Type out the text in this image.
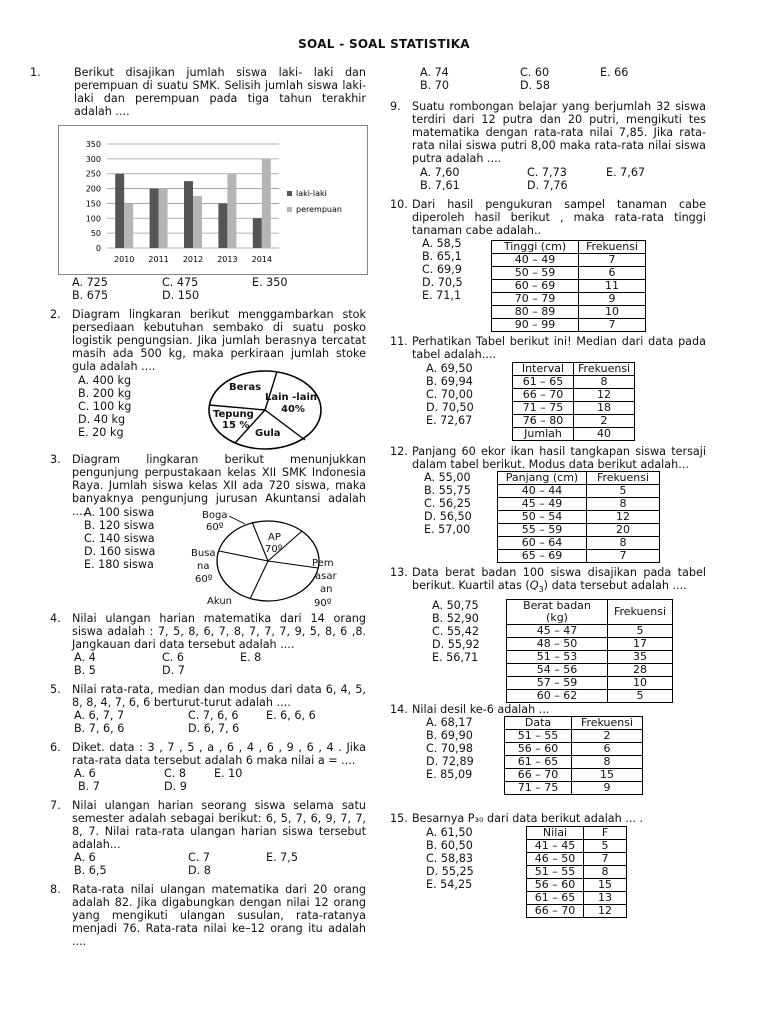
SOAL - SOAL STATISTIKA
1.	Berikut disajikan jumlah siswa laki- laki dan perempuan di suatu SMK. Selisih jumlah siswa laki-laki dan perempuan pada tiga tahun terakhir adalah ....
0
50
100
150
200
250
300
350
2010 2011 2012 2013 2014
laki-laki
perempuan
A. 725	C. 475	E. 350
B. 675	D. 150
2. Diagram lingkaran berikut menggambarkan stok persediaan kebutuhan sembako di suatu posko logistik pengungsian. Jika jumlah berasnya tercatat masih ada 500 kg, maka perkiraan jumlah stoke gula adalah ....
A. 400 kg
B. 200 kg
C. 100 kg
D. 40 kg
E. 20 kg
Beras
Lain -lain
40%
Tepung
15 %
Gula
3. Diagram lingkaran berikut menunjukkan pengunjung perpustakaan kelas XII SMK Indonesia Raya. Jumlah siswa kelas XII ada 720 siswa, maka banyaknya pengunjung jurusan Akuntansi adalah ....
A. 100 siswa
B. 120 siswa
C. 140 siswa
D. 160 siswa
E. 180 siswa
Boga
60º
AP
70º
Pem
asar
an
90º
Busa
na
60º
Akun
4. Nilai ulangan harian matematika dari 14 orang siswa adalah : 7, 5, 8, 6, 7, 8, 7, 7, 7, 9, 5, 8, 6 ,8. Jangkauan dari data tersebut adalah ....
A. 4	C. 6	E. 8
B. 5	D. 7
5. Nilai rata-rata, median dan modus dari data 6, 4, 5, 8, 8, 4, 7, 6, 6 berturut-turut adalah ....
A. 6, 7, 7	C. 7, 6, 6 E. 6, 6, 6
B. 7, 6, 6	D. 6, 7, 6
6. Diket. data : 3 , 7 , 5 , a , 6 , 4 , 6 , 9 , 6 , 4 . Jika rata-rata data tersebut adalah 6 maka nilai a = ....
A. 6	C. 8 E. 10
B. 7	D. 9
7. Nilai ulangan harian seorang siswa selama satu semester adalah sebagai berikut: 6, 5, 7, 6, 9, 7, 7, 8, 7. Nilai rata-rata ulangan harian siswa tersebut adalah...
A. 6	C. 7	E. 7,5
B. 6,5	D. 8
8. Rata-rata nilai ulangan matematika dari 20 orang adalah 82. Jika digabungkan dengan nilai 12 orang yang mengikuti ulangan susulan, rata-ratanya menjadi 76. Rata-rata nilai ke–12 orang itu adalah ....
A. 74	C. 60	E. 66
B. 70	D. 58
9. Suatu rombongan belajar yang berjumlah 32 siswa terdiri dari 12 putra dan 20 putri, mengikuti tes matematika dengan rata-rata nilai 7,85. Jika rata-rata nilai siswa putri 8,00 maka rata-rata nilai siswa putra adalah ....
A. 7,60	C. 7,73	E. 7,67
B. 7,61	D. 7,76
10. Dari hasil pengukuran sampel tanaman cabe diperoleh hasil berikut , maka rata-rata tinggi tanaman cabe adalah..
A. 58,5
B. 65,1
C. 69,9
D. 70,5
E. 71,1
Tinggi (cm)	Frekuensi
40 – 49	7
50 – 59	6
60 – 69	11
70 – 79	9
80 – 89	10
90 – 99	7
11. Perhatikan Tabel berikut ini! Median dari data pada tabel adalah....
A. 69,50
B. 69,94
C. 70,00
D. 70,50
E. 72,67
Interval	Frekuensi
61 – 65	8
66 – 70	12
71 – 75	18
76 – 80	2
Jumlah	40
12. Panjang 60 ekor ikan hasil tangkapan siswa tersaji dalam tabel berikut. Modus data berikut adalah...
A. 55,00
B. 55,75
C. 56,25
D. 56,50
E. 57,00
Panjang (cm)	Frekuensi
40 – 44	5
45 – 49	8
50 – 54	12
55 – 59	20
60 – 64	8
65 – 69	7
13. Data berat badan 100 siswa disajikan pada tabel berikut. Kuartil atas $(Q_3)$ data tersebut adalah ....
A. 50,75
B. 52,90
C. 55,42
D. 55,92
E. 56,71
Berat badan (kg)	Frekuensi
45 – 47	5
48 – 50	17
51 – 53	35
54 – 56	28
57 – 59	10
60 – 62	5
14. Nilai desil ke-6 adalah ...
A. 68,17
B. 69,90
C. 70,98
D. 72,89
E. 85,09
Data	Frekuensi
51 – 55	2
56 – 60	6
61 – 65	8
66 – 70	15
71 – 75	9
15. Besarnya P₃₀ dari data berikut adalah ... .
A. 61,50
B. 60,50
C. 58,83
D. 55,25
E. 54,25
Nilai	F
41 – 45	5
46 – 50	7
51 – 55	8
56 – 60	15
61 – 65	13
66 – 70	12
